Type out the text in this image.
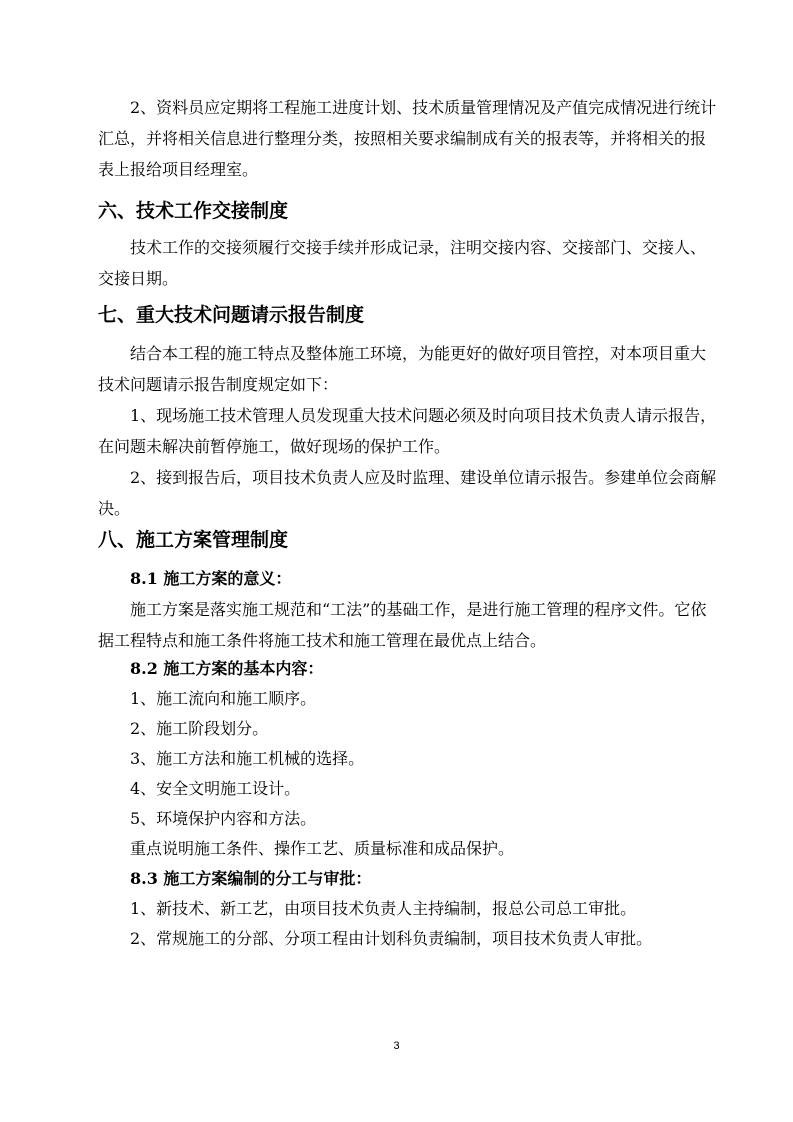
2、资料员应定期将工程施工进度计划、技术质量管理情况及产值完成情况进行统计汇总，并将相关信息进行整理分类，按照相关要求编制成有关的报表等，并将相关的报表上报给项目经理室。

六、技术工作交接制度

技术工作的交接须履行交接手续并形成记录，注明交接内容、交接部门、交接人、交接日期。

七、重大技术问题请示报告制度

结合本工程的施工特点及整体施工环境，为能更好的做好项目管控，对本项目重大技术问题请示报告制度规定如下：

1、现场施工技术管理人员发现重大技术问题必须及时向项目技术负责人请示报告，在问题未解决前暂停施工，做好现场的保护工作。

2、接到报告后，项目技术负责人应及时监理、建设单位请示报告。参建单位会商解决。

八、施工方案管理制度

8.1 施工方案的意义：

施工方案是落实施工规范和“工法”的基础工作，是进行施工管理的程序文件。它依据工程特点和施工条件将施工技术和施工管理在最优点上结合。

8.2 施工方案的基本内容：

1、施工流向和施工顺序。

2、施工阶段划分。

3、施工方法和施工机械的选择。

4、安全文明施工设计。

5、环境保护内容和方法。

重点说明施工条件、操作工艺、质量标准和成品保护。

8.3 施工方案编制的分工与审批：

1、新技术、新工艺，由项目技术负责人主持编制，报总公司总工审批。

2、常规施工的分部、分项工程由计划科负责编制，项目技术负责人审批。

3
